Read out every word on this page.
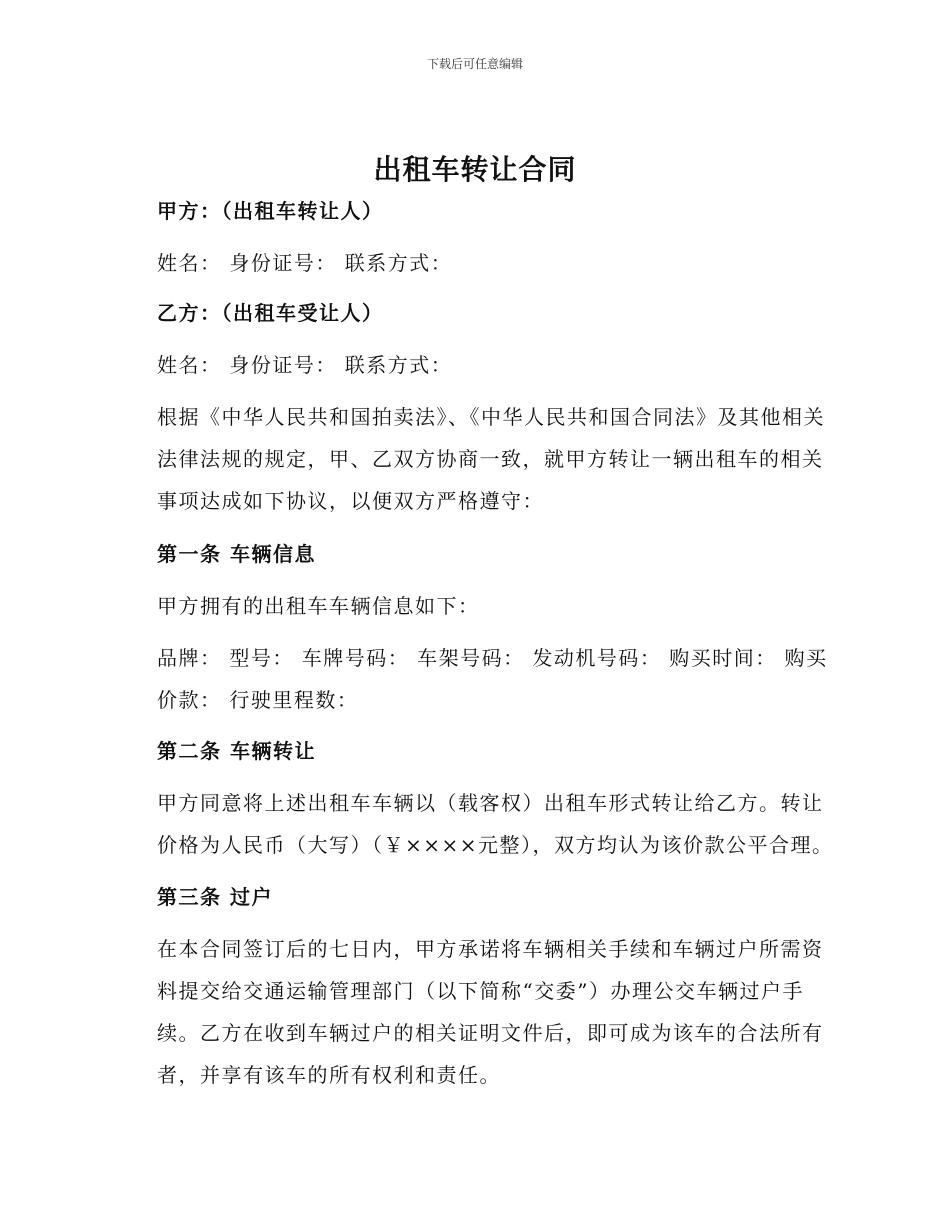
下载后可任意编辑
出租车转让合同

甲方：（出租车转让人）

姓名： 身份证号： 联系方式：

乙方：（出租车受让人）

姓名： 身份证号： 联系方式：

根据《中华人民共和国拍卖法》、《中华人民共和国合同法》及其他相关法律法规的规定，甲、乙双方协商一致，就甲方转让一辆出租车的相关事项达成如下协议，以便双方严格遵守：

第一条 车辆信息

甲方拥有的出租车车辆信息如下：

品牌： 型号： 车牌号码： 车架号码： 发动机号码： 购买时间： 购买价款： 行驶里程数：

第二条 车辆转让

甲方同意将上述出租车车辆以（载客权）出租车形式转让给乙方。转让价格为人民币（大写）（￥××××元整），双方均认为该价款公平合理。

第三条 过户

在本合同签订后的七日内，甲方承诺将车辆相关手续和车辆过户所需资料提交给交通运输管理部门（以下简称“交委”）办理公交车辆过户手续。乙方在收到车辆过户的相关证明文件后，即可成为该车的合法所有者，并享有该车的所有权利和责任。
